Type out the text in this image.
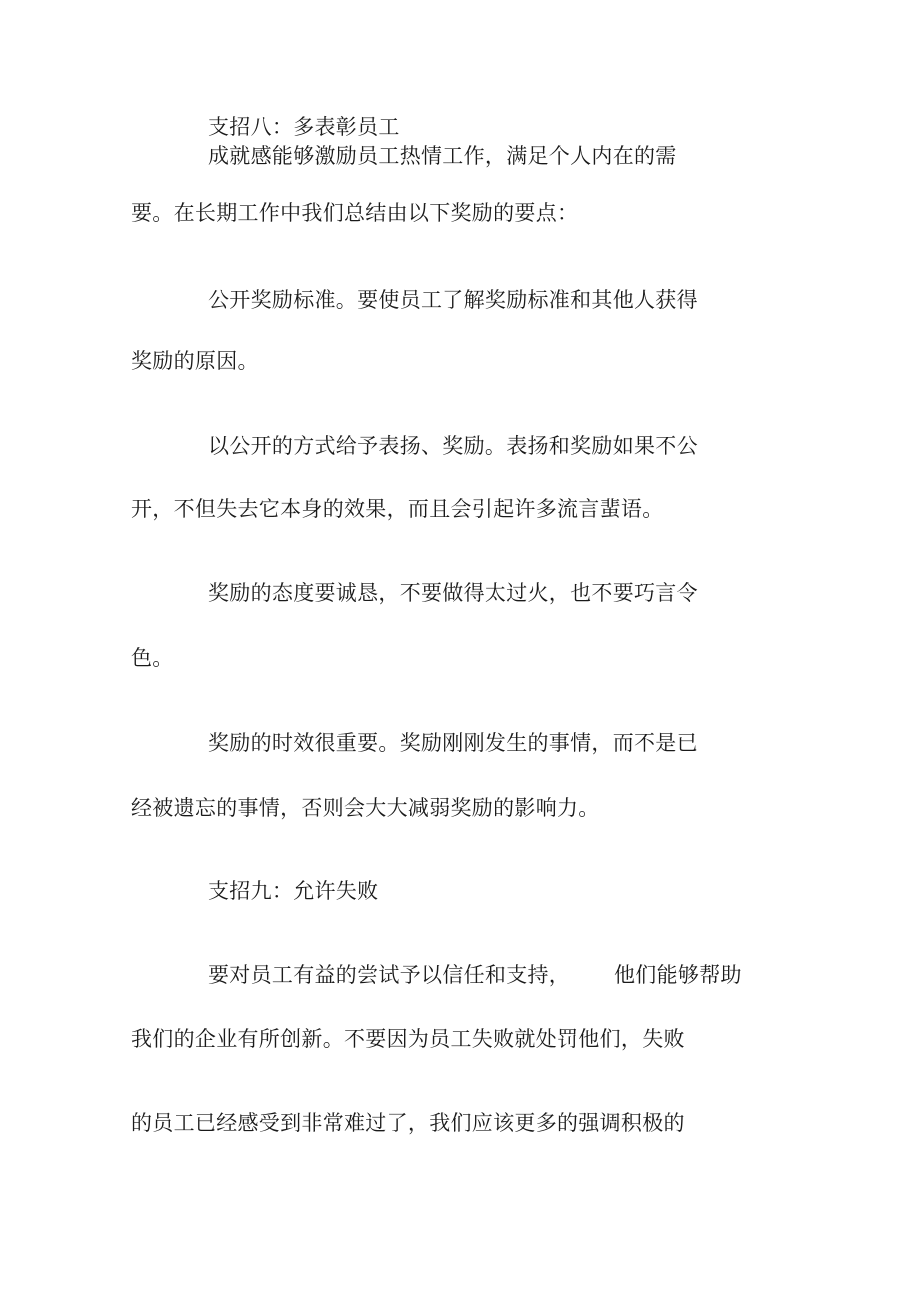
支招八：多表彰员工
成就感能够激励员工热情工作，满足个人内在的需
要。在长期工作中我们总结由以下奖励的要点：
公开奖励标准。要使员工了解奖励标准和其他人获得
奖励的原因。
以公开的方式给予表扬、奖励。表扬和奖励如果不公
开，不但失去它本身的效果，而且会引起许多流言蜚语。
奖励的态度要诚恳，不要做得太过火，也不要巧言令
色。
奖励的时效很重要。奖励刚刚发生的事情，而不是已
经被遗忘的事情，否则会大大减弱奖励的影响力。
支招九：允许失败
要对员工有益的尝试予以信任和支持， 他们能够帮助
我们的企业有所创新。不要因为员工失败就处罚他们，失败
的员工已经感受到非常难过了，我们应该更多的强调积极的
